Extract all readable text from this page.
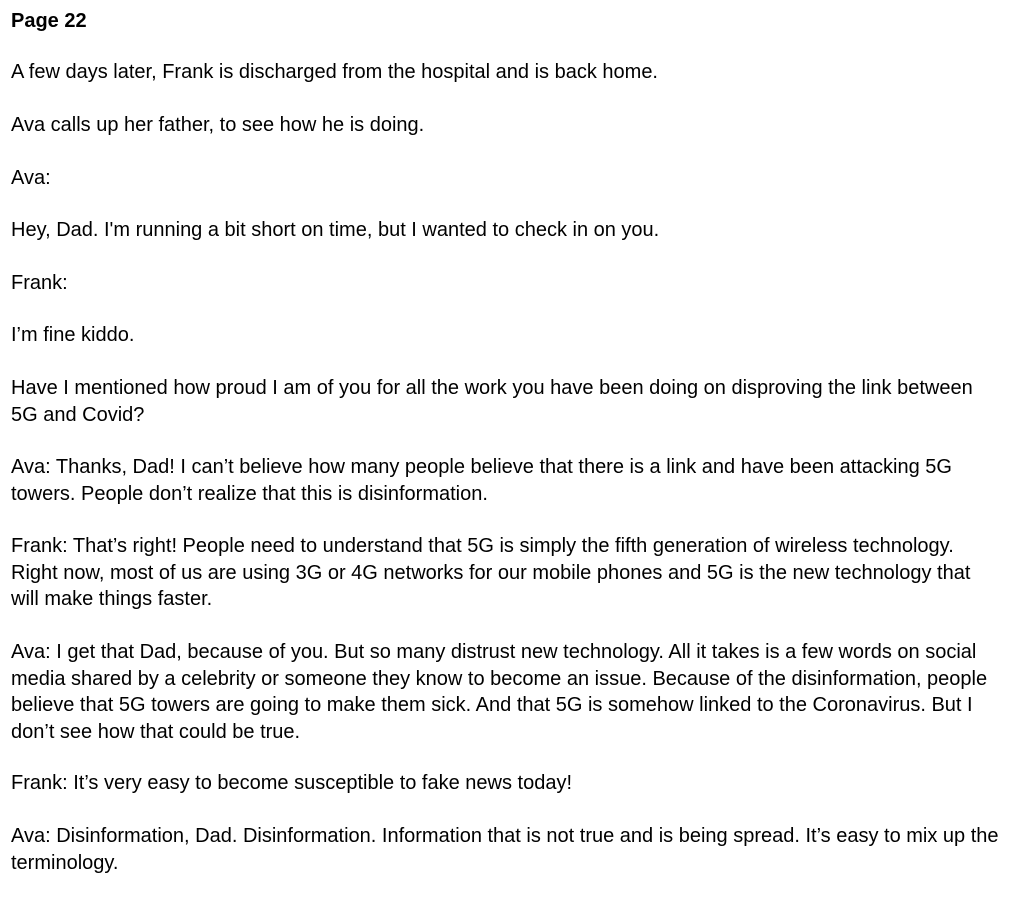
Page 22

A few days later, Frank is discharged from the hospital and is back home.

Ava calls up her father, to see how he is doing.

Ava:

Hey, Dad. I'm running a bit short on time, but I wanted to check in on you.

Frank:

I’m fine kiddo.

Have I mentioned how proud I am of you for all the work you have been doing on disproving the link between 5G and Covid?

Ava: Thanks, Dad! I can’t believe how many people believe that there is a link and have been attacking 5G towers. People don’t realize that this is disinformation.

Frank: That’s right! People need to understand that 5G is simply the fifth generation of wireless technology. Right now, most of us are using 3G or 4G networks for our mobile phones and 5G is the new technology that will make things faster.

Ava: I get that Dad, because of you. But so many distrust new technology. All it takes is a few words on social media shared by a celebrity or someone they know to become an issue. Because of the disinformation, people believe that 5G towers are going to make them sick. And that 5G is somehow linked to the Coronavirus. But I don’t see how that could be true.

Frank: It’s very easy to become susceptible to fake news today!

Ava: Disinformation, Dad. Disinformation. Information that is not true and is being spread. It’s easy to mix up the terminology.
